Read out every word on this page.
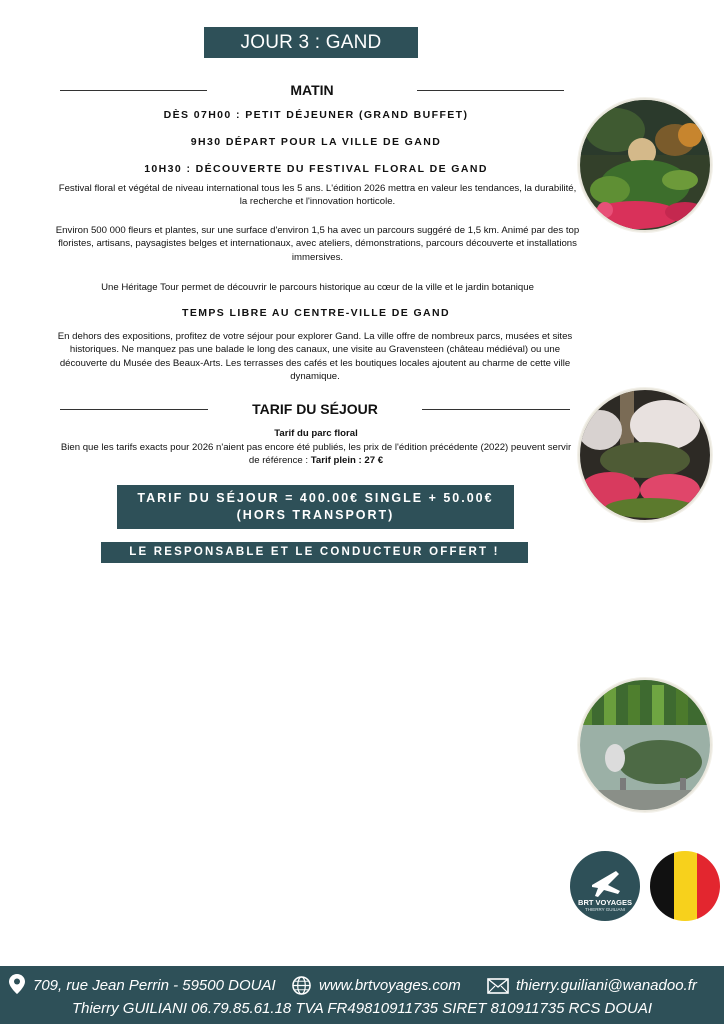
JOUR 3 : GAND
MATIN
DÈS 07H00 : PETIT DÉJEUNER (GRAND BUFFET)
9H30 DÉPART POUR LA VILLE DE GAND
10H30 : DÉCOUVERTE DU FESTIVAL FLORAL DE GAND
Festival floral et végétal de niveau international tous les 5 ans. L'édition 2026 mettra en valeur les tendances, la durabilité, la recherche et l'innovation horticole.
Environ 500 000 fleurs et plantes, sur une surface d'environ 1,5 ha avec un parcours suggéré de 1,5 km. Animé par des top floristes, artisans, paysagistes belges et internationaux, avec ateliers, démonstrations, parcours découverte et installations immersives.
Une Héritage Tour permet de découvrir le parcours historique au cœur de la ville et le jardin botanique
TEMPS LIBRE AU CENTRE-VILLE DE GAND
En dehors des expositions, profitez de votre séjour pour explorer Gand. La ville offre de nombreux parcs, musées et sites historiques. Ne manquez pas une balade le long des canaux, une visite au Gravensteen (château médiéval) ou une découverte du Musée des Beaux-Arts. Les terrasses des cafés et les boutiques locales ajoutent au charme de cette ville dynamique.
TARIF DU SÉJOUR
Tarif du parc floral
Bien que les tarifs exacts pour 2026 n'aient pas encore été publiés, les prix de l'édition précédente (2022) peuvent servir de référence : Tarif plein : 27 €
TARIF DU SÉJOUR = 400.00€ SINGLE + 50.00€
(HORS TRANSPORT)
LE RESPONSABLE ET LE CONDUCTEUR OFFERT !
BRT VOYAGES
THIERRY GUILIANI
709, rue Jean Perrin - 59500 DOUAI	www.brtvoyages.com	thierry.guiliani@wanadoo.fr
Thierry GUILIANI 06.79.85.61.18 TVA FR49810911735 SIRET 810911735 RCS DOUAI
